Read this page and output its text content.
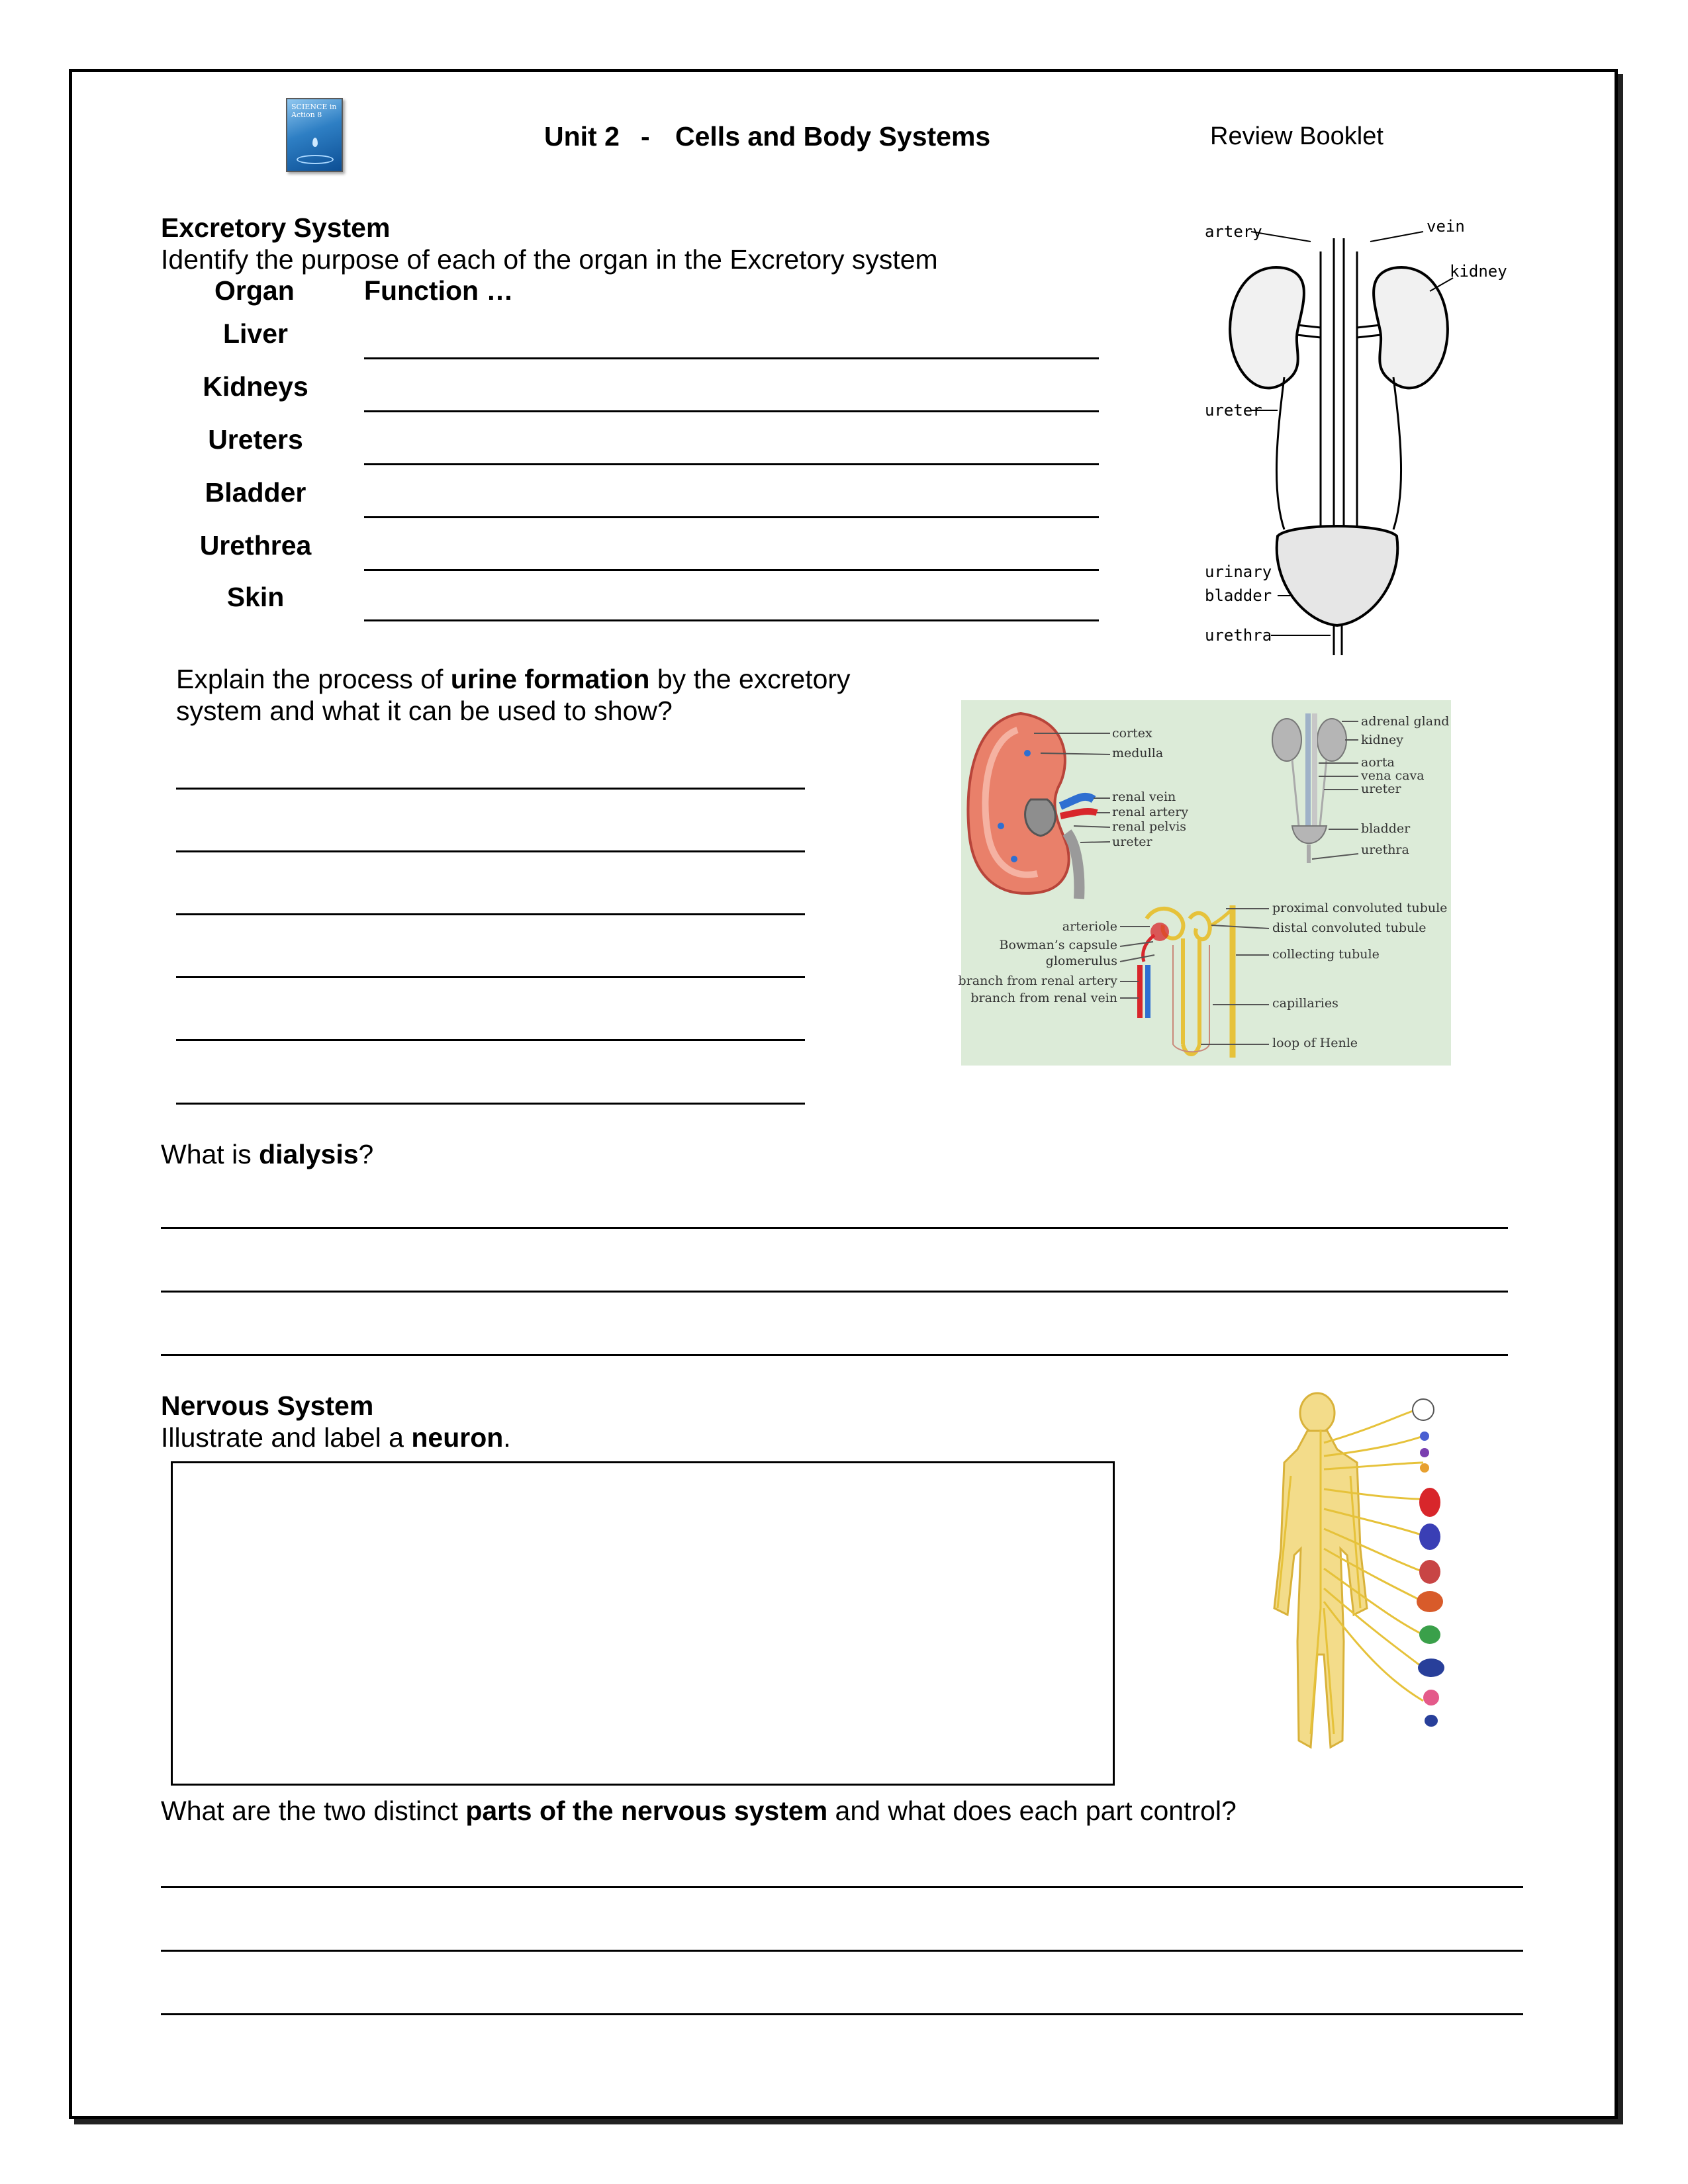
SCIENCE in Action 8
Unit 2 - Cells and Body Systems	Review Booklet
Excretory System
Identify the purpose of each of the organ in the Excretory system
Organ	Function …
Liver
Kidneys
Ureters
Bladder
Urethrea
Skin
artery	vein
kidney
ureter
urinary
bladder
urethra
Explain the process of urine formation by the excretory
system and what it can be used to show?
cortex
medulla
renal vein
renal artery
renal pelvis
ureter
adrenal gland
kidney
aorta
vena cava
ureter
bladder
urethra
arteriole
Bowman’s capsule
glomerulus
branch from renal artery
branch from renal vein
proximal convoluted tubule
distal convoluted tubule
collecting tubule
capillaries
loop of Henle
What is dialysis?
Nervous System
Illustrate and label a neuron.
What are the two distinct parts of the nervous system and what does each part control?
